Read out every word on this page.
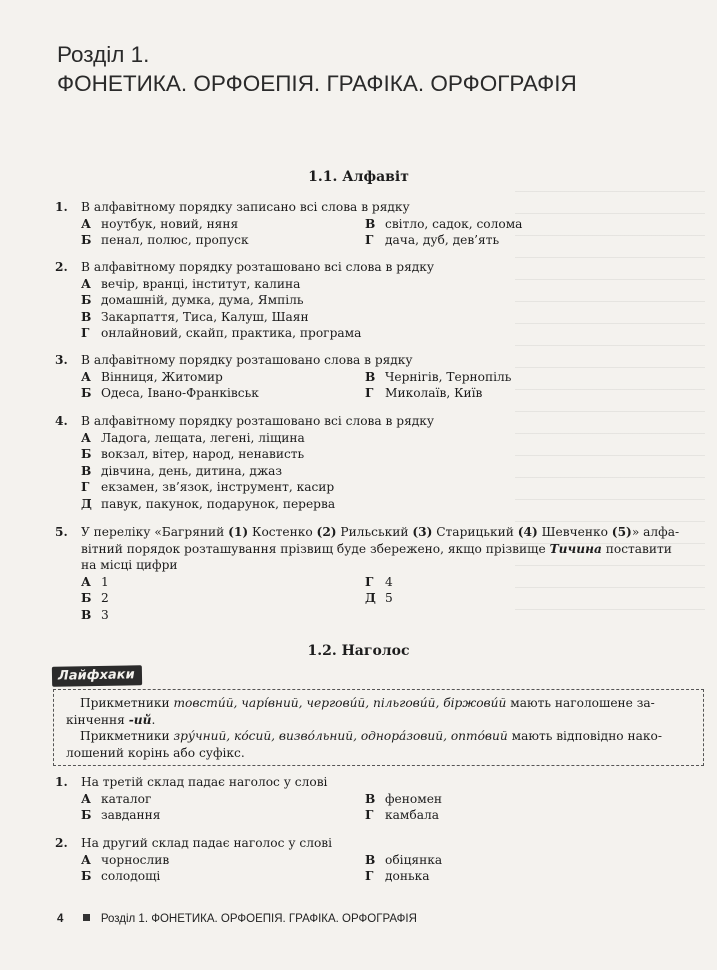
Розділ 1.
ФОНЕТИКА. ОРФОЕПІЯ. ГРАФІКА. ОРФОГРАФІЯ
1.1. Алфавіт
1. В алфавітному порядку записано всі слова в рядку
А ноутбук, новий, няня	В світло, садок, солома
Б пенал, полюс, пропуск	Г дача, дуб, дев’ять
2. В алфавітному порядку розташовано всі слова в рядку
А вечір, вранці, інститут, калина
Б домашній, думка, дума, Ямпіль
В Закарпаття, Тиса, Калуш, Шаян
Г онлайновий, скайп, практика, програма
3. В алфавітному порядку розташовано слова в рядку
А Вінниця, Житомир	В Чернігів, Тернопіль
Б Одеса, Івано-Франківськ	Г Миколаїв, Київ
4. В алфавітному порядку розташовано всі слова в рядку
А Ладога, лещата, легені, ліщина
Б вокзал, вітер, народ, ненависть
В дівчина, день, дитина, джаз
Г екзамен, зв’язок, інструмент, касир
Д павук, пакунок, подарунок, перерва
5. У переліку «Багряний (1) Костенко (2) Рильський (3) Старицький (4) Шевченко (5)» алфа-
вітний порядок розташування прізвищ буде збережено, якщо прізвище Тичина поставити
на місці цифри
А 1	Г 4
Б 2	Д 5
В 3
1.2. Наголос
Лайфхаки

Прикметники товсти́й, чарі́вний, чергови́й, пільгови́й, біржови́й мають наголошене за-
кінчення -ий.

Прикметники зру́чний, ко́сий, визво́льний, однора́зовий, опто́вий мають відповідно нако-
лошений корінь або суфікс.

1. На третій склад падає наголос у слові
А каталог	В феномен
Б завдання	Г камбала
2. На другий склад падає наголос у слові
А чорнослив	В обіцянка
Б солодощі	Г донька
4	Розділ 1. ФОНЕТИКА. ОРФОЕПІЯ. ГРАФІКА. ОРФОГРАФІЯ
